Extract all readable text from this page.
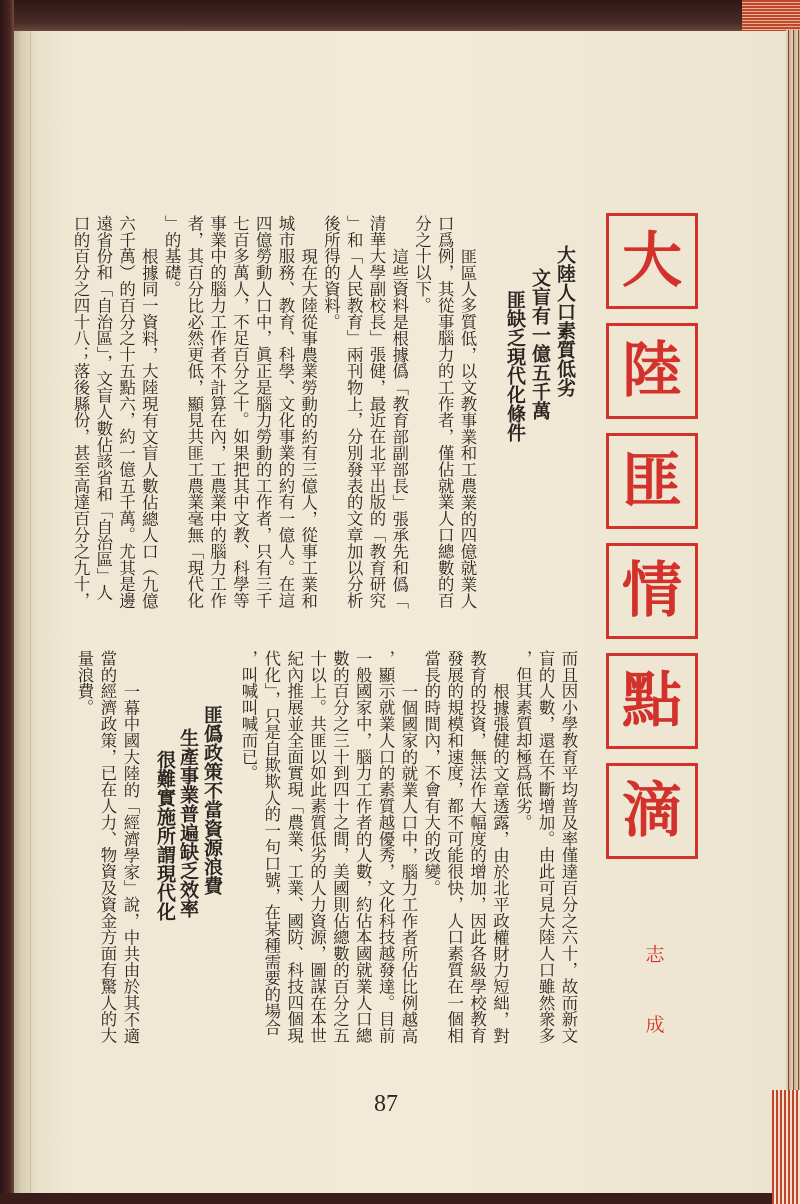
大
陸
匪
情
點
滴
志
成
87
大陸人口素質低劣
文盲有一億五千萬
匪缺乏現代化條件
匪區人多質低，以文教事業和工農業的四億就業人
口爲例，其從事腦力的工作者，僅佔就業人口總數的百
分之十以下。
這些資料是根據僞「教育部副部長」張承先和僞「
清華大學副校長」張健，最近在北平出版的「教育研究
」和「人民教育」兩刊物上，分別發表的文章加以分析
後所得的資料。
現在大陸從事農業勞動的約有三億人，從事工業和
城市服務、教育、科學、文化事業的約有一億人。在這
四億勞動人口中，眞正是腦力勞動的工作者，只有三千
七百多萬人，不足百分之十。如果把其中文教、科學等
事業中的腦力工作者不計算在內，工農業中的腦力工作
者，其百分比必然更低，顯見共匪工農業毫無「現代化
」的基礎。
根據同一資料，大陸現有文盲人數佔總人口（九億
六千萬）的百分之十五點六，約一億五千萬。尤其是邊
遠省份和「自治區」，文盲人數佔該省和「自治區」人
口的百分之四十八；落後縣份，甚至高達百分之九十，
而且因小學教育平均普及率僅達百分之六十，故而新文
盲的人數，還在不斷增加。由此可見大陸人口雖然衆多
，但其素質却極爲低劣。
根據張健的文章透露，由於北平政權財力短絀，對
教育的投資，無法作大幅度的增加，因此各級學校教育
發展的規模和速度，都不可能很快，人口素質在一個相
當長的時間內，不會有大的改變。
一個國家的就業人口中，腦力工作者所佔比例越高
，顯示就業人口的素質越優秀，文化科技越發達。目前
一般國家中，腦力工作者的人數，約佔本國就業人口總
數的百分之三十到四十之間，美國則佔總數的百分之五
十以上。共匪以如此素質低劣的人力資源，圖謀在本世
紀內推展並全面實現「農業、工業、國防、科技四個現
代化」，只是自欺欺人的一句口號，在某種需要的場合
，叫喊叫喊而已。
匪僞政策不當資源浪費
生產事業普遍缺乏效率
很難實施所謂現代化
一幕中國大陸的「經濟學家」說，中共由於其不適
當的經濟政策，已在人力、物資及資金方面有驚人的大
量浪費。
